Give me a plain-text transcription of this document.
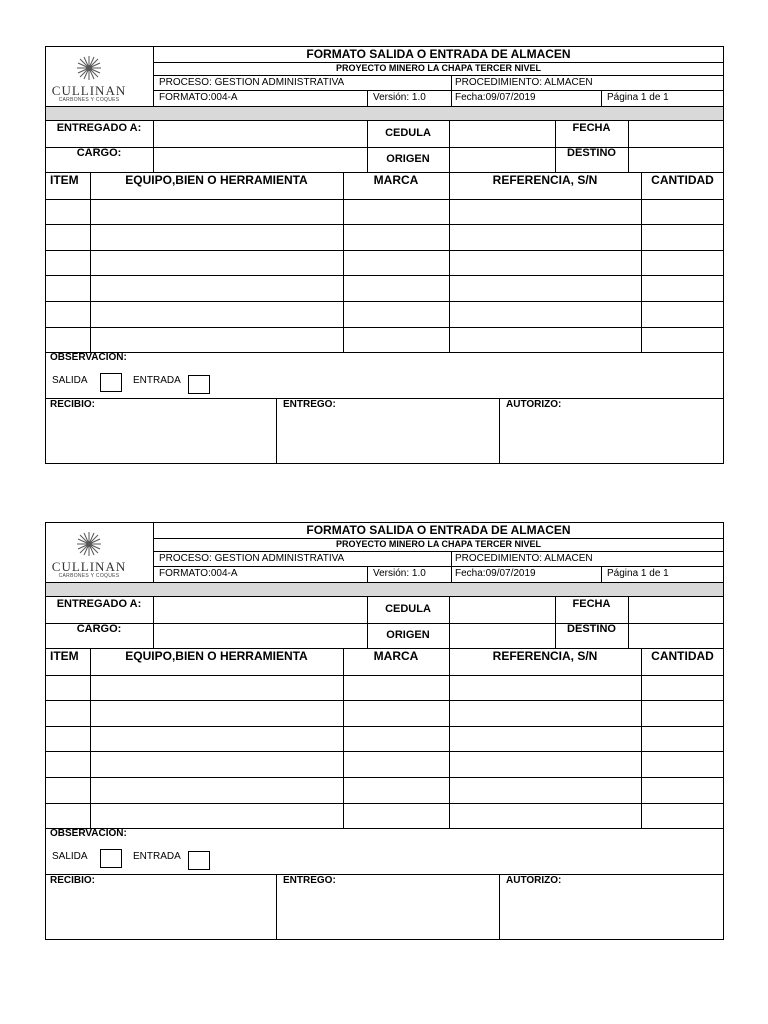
CULLINAN
CARBONES Y COQUES
FORMATO SALIDA O ENTRADA DE ALMACEN
PROYECTO MINERO LA CHAPA TERCER NIVEL
PROCESO: GESTION ADMINISTRATIVA	PROCEDIMIENTO: ALMACEN
FORMATO:004-A	Versión: 1.0	Fecha:09/07/2019	Página 1 de 1
ENTREGADO A:	CEDULA	FECHA
CARGO:	ORIGEN	DESTINO
ITEM	EQUIPO,BIEN O HERRAMIENTA	MARCA	REFERENCIA, S/N	CANTIDAD
OBSERVACION:
SALIDA	ENTRADA
RECIBIO:	ENTREGO:	AUTORIZO:
CULLINAN
CARBONES Y COQUES
FORMATO SALIDA O ENTRADA DE ALMACEN
PROYECTO MINERO LA CHAPA TERCER NIVEL
PROCESO: GESTION ADMINISTRATIVA	PROCEDIMIENTO: ALMACEN
FORMATO:004-A	Versión: 1.0	Fecha:09/07/2019	Página 1 de 1
ENTREGADO A:	CEDULA	FECHA
CARGO:	ORIGEN	DESTINO
ITEM	EQUIPO,BIEN O HERRAMIENTA	MARCA	REFERENCIA, S/N	CANTIDAD
OBSERVACION:
SALIDA	ENTRADA
RECIBIO:	ENTREGO:	AUTORIZO:
